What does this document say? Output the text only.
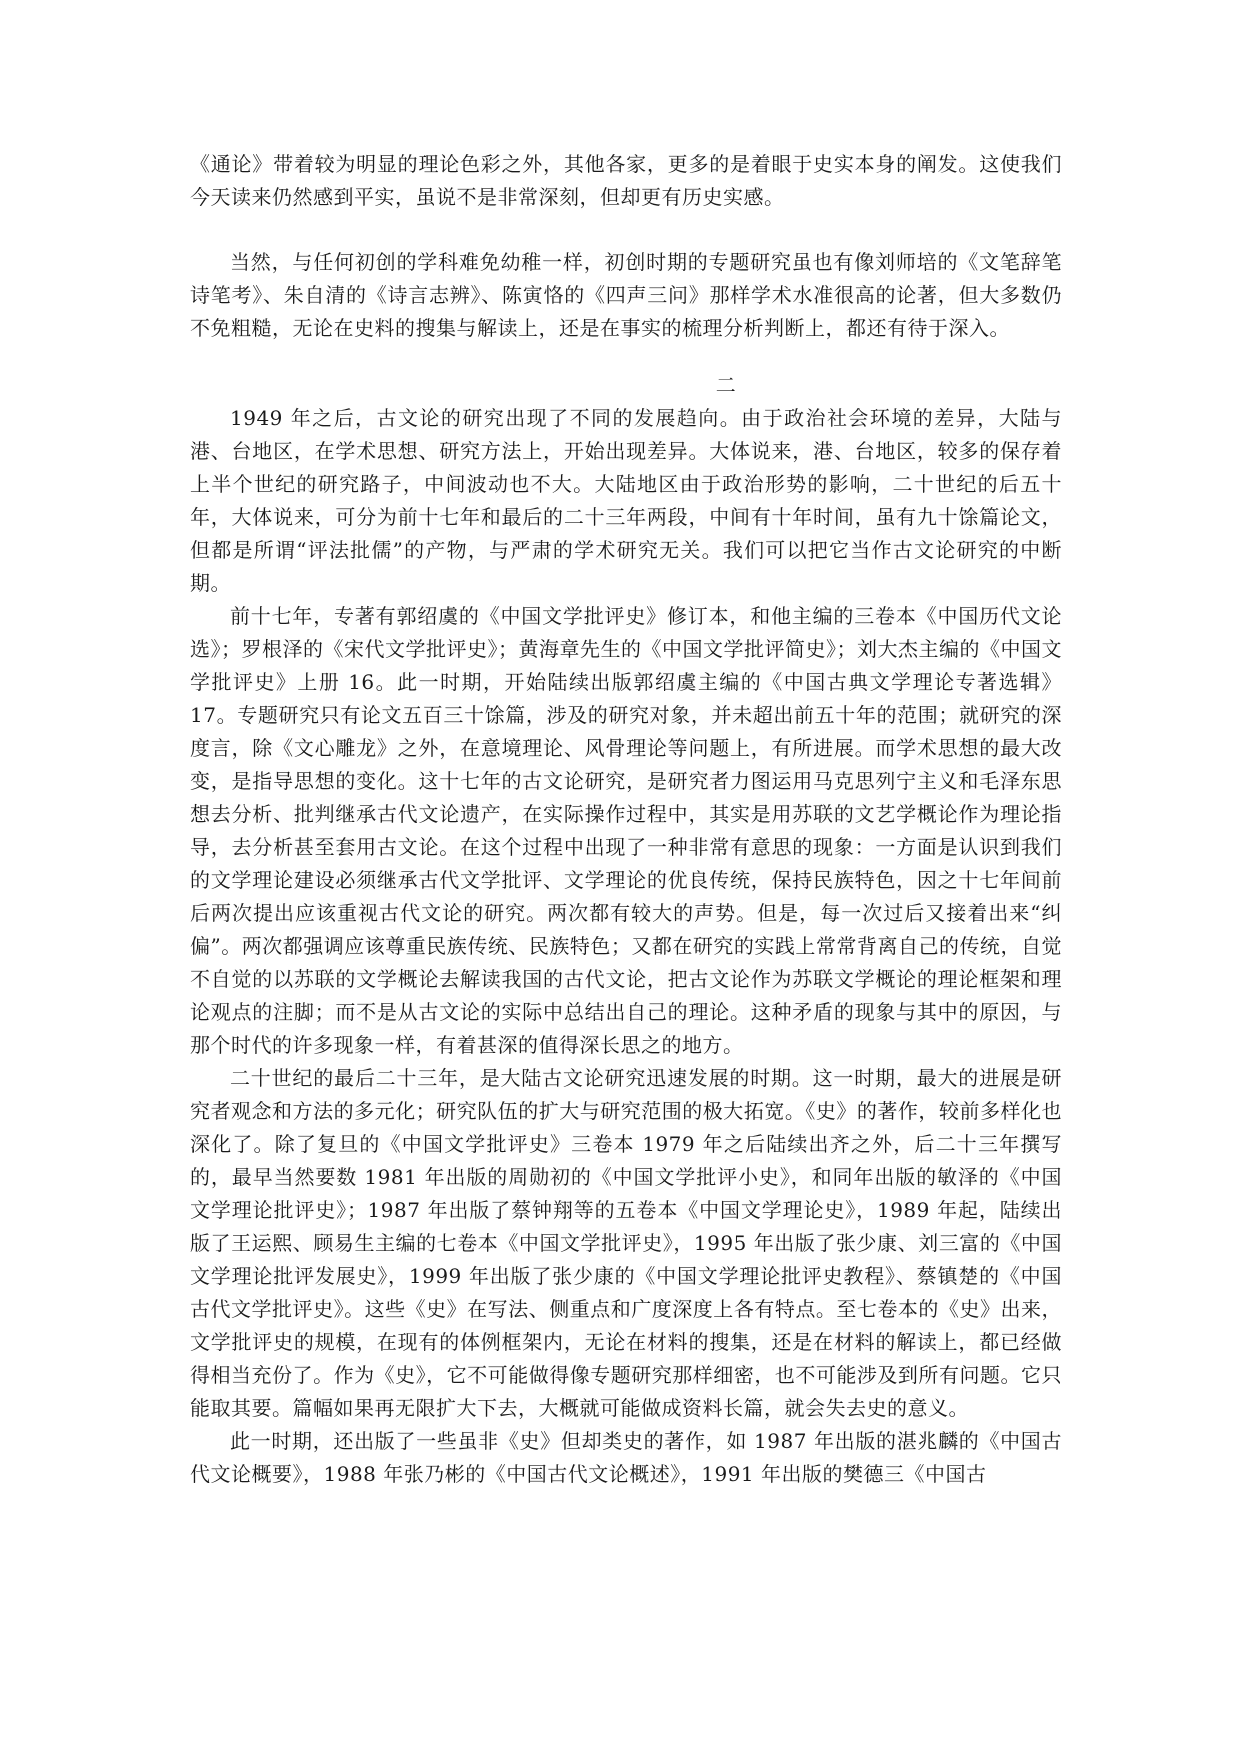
《通论》带着较为明显的理论色彩之外，其他各家，更多的是着眼于史实本身的阐发。这使我们今天读来仍然感到平实，虽说不是非常深刻，但却更有历史实感。

当然，与任何初创的学科难免幼稚一样，初创时期的专题研究虽也有像刘师培的《文笔辞笔诗笔考》、朱自清的《诗言志辨》、陈寅恪的《四声三问》那样学术水准很高的论著，但大多数仍不免粗糙，无论在史料的搜集与解读上，还是在事实的梳理分析判断上，都还有待于深入。

二

1949 年之后，古文论的研究出现了不同的发展趋向。由于政治社会环境的差异，大陆与港、台地区，在学术思想、研究方法上，开始出现差异。大体说来，港、台地区，较多的保存着上半个世纪的研究路子，中间波动也不大。大陆地区由于政治形势的影响，二十世纪的后五十年，大体说来，可分为前十七年和最后的二十三年两段，中间有十年时间，虽有九十馀篇论文，但都是所谓“评法批儒”的产物，与严肃的学术研究无关。我们可以把它当作古文论研究的中断期。

前十七年，专著有郭绍虞的《中国文学批评史》修订本，和他主编的三卷本《中国历代文论选》；罗根泽的《宋代文学批评史》；黄海章先生的《中国文学批评简史》；刘大杰主编的《中国文学批评史》上册 16。此一时期，开始陆续出版郭绍虞主编的《中国古典文学理论专著选辑》17。专题研究只有论文五百三十馀篇，涉及的研究对象，并未超出前五十年的范围；就研究的深度言，除《文心雕龙》之外，在意境理论、风骨理论等问题上，有所进展。而学术思想的最大改变，是指导思想的变化。这十七年的古文论研究，是研究者力图运用马克思列宁主义和毛泽东思想去分析、批判继承古代文论遗产，在实际操作过程中，其实是用苏联的文艺学概论作为理论指导，去分析甚至套用古文论。在这个过程中出现了一种非常有意思的现象：一方面是认识到我们的文学理论建设必须继承古代文学批评、文学理论的优良传统，保持民族特色，因之十七年间前后两次提出应该重视古代文论的研究。两次都有较大的声势。但是，每一次过后又接着出来“纠偏”。两次都强调应该尊重民族传统、民族特色；又都在研究的实践上常常背离自己的传统，自觉不自觉的以苏联的文学概论去解读我国的古代文论，把古文论作为苏联文学概论的理论框架和理论观点的注脚；而不是从古文论的实际中总结出自己的理论。这种矛盾的现象与其中的原因，与那个时代的许多现象一样，有着甚深的值得深长思之的地方。

二十世纪的最后二十三年，是大陆古文论研究迅速发展的时期。这一时期，最大的进展是研究者观念和方法的多元化；研究队伍的扩大与研究范围的极大拓宽。《史》的著作，较前多样化也深化了。除了复旦的《中国文学批评史》三卷本 1979 年之后陆续出齐之外，后二十三年撰写的，最早当然要数 1981 年出版的周勋初的《中国文学批评小史》，和同年出版的敏泽的《中国文学理论批评史》；1987 年出版了蔡钟翔等的五卷本《中国文学理论史》，1989 年起，陆续出版了王运熙、顾易生主编的七卷本《中国文学批评史》，1995 年出版了张少康、刘三富的《中国文学理论批评发展史》，1999 年出版了张少康的《中国文学理论批评史教程》、蔡镇楚的《中国古代文学批评史》。这些《史》在写法、侧重点和广度深度上各有特点。至七卷本的《史》出来，文学批评史的规模，在现有的体例框架内，无论在材料的搜集，还是在材料的解读上，都已经做得相当充份了。作为《史》，它不可能做得像专题研究那样细密，也不可能涉及到所有问题。它只能取其要。篇幅如果再无限扩大下去，大概就可能做成资料长篇，就会失去史的意义。

此一时期，还出版了一些虽非《史》但却类史的著作，如 1987 年出版的湛兆麟的《中国古代文论概要》，1988 年张乃彬的《中国古代文论概述》，1991 年出版的樊德三《中国古
